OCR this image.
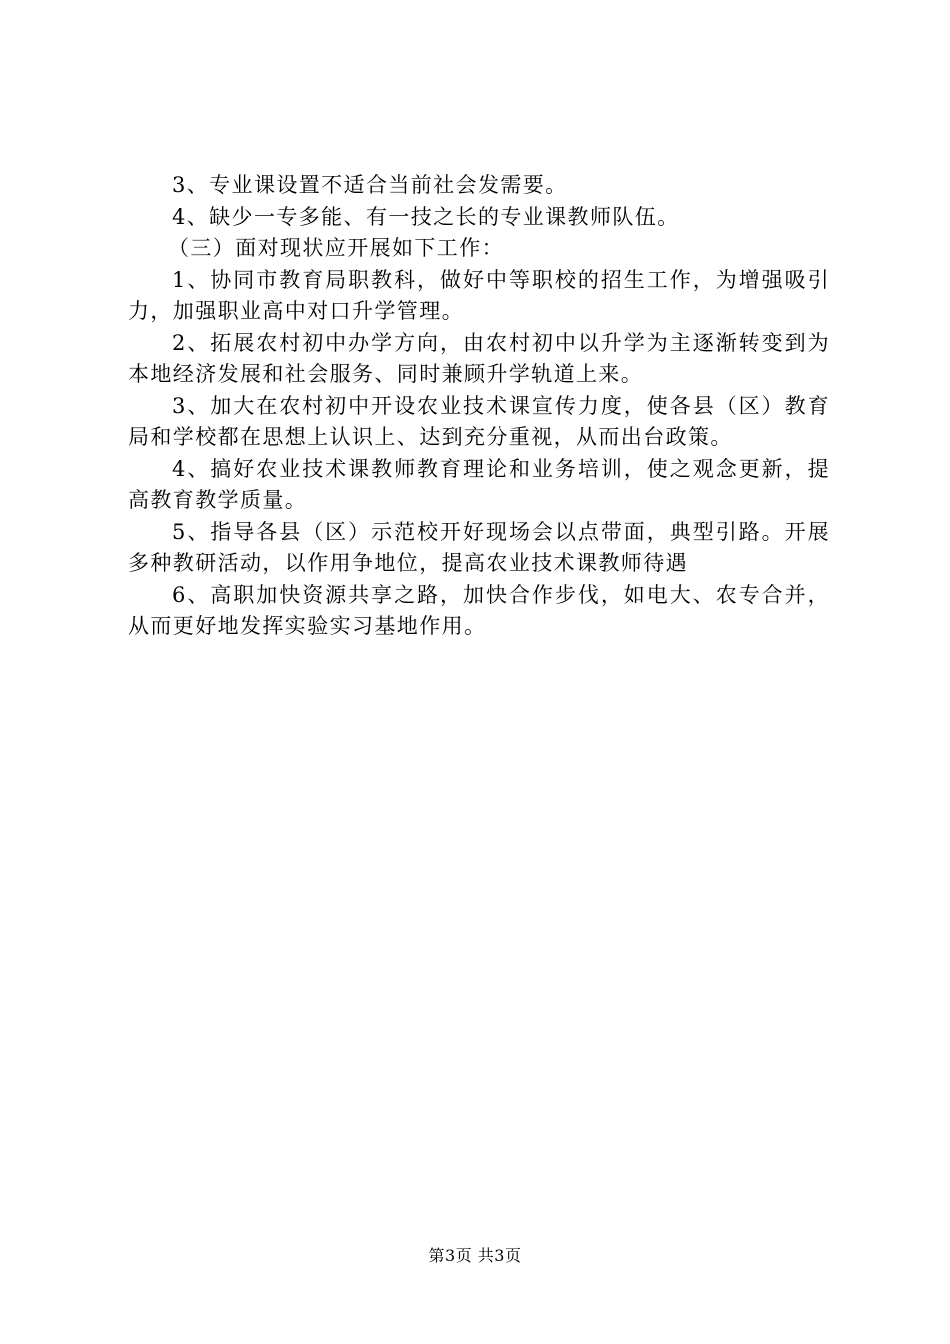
3、专业课设置不适合当前社会发需要。

4、缺少一专多能、有一技之长的专业课教师队伍。

（三）面对现状应开展如下工作：

1、协同市教育局职教科，做好中等职校的招生工作，为增强吸引力，加强职业高中对口升学管理。

2、拓展农村初中办学方向，由农村初中以升学为主逐渐转变到为本地经济发展和社会服务、同时兼顾升学轨道上来。

3、加大在农村初中开设农业技术课宣传力度，使各县（区）教育局和学校都在思想上认识上、达到充分重视，从而出台政策。

4、搞好农业技术课教师教育理论和业务培训，使之观念更新，提高教育教学质量。

5、指导各县（区）示范校开好现场会以点带面，典型引路。开展多种教研活动，以作用争地位，提高农业技术课教师待遇

6、高职加快资源共享之路，加快合作步伐，如电大、农专合并，从而更好地发挥实验实习基地作用。

第3页 共3页
